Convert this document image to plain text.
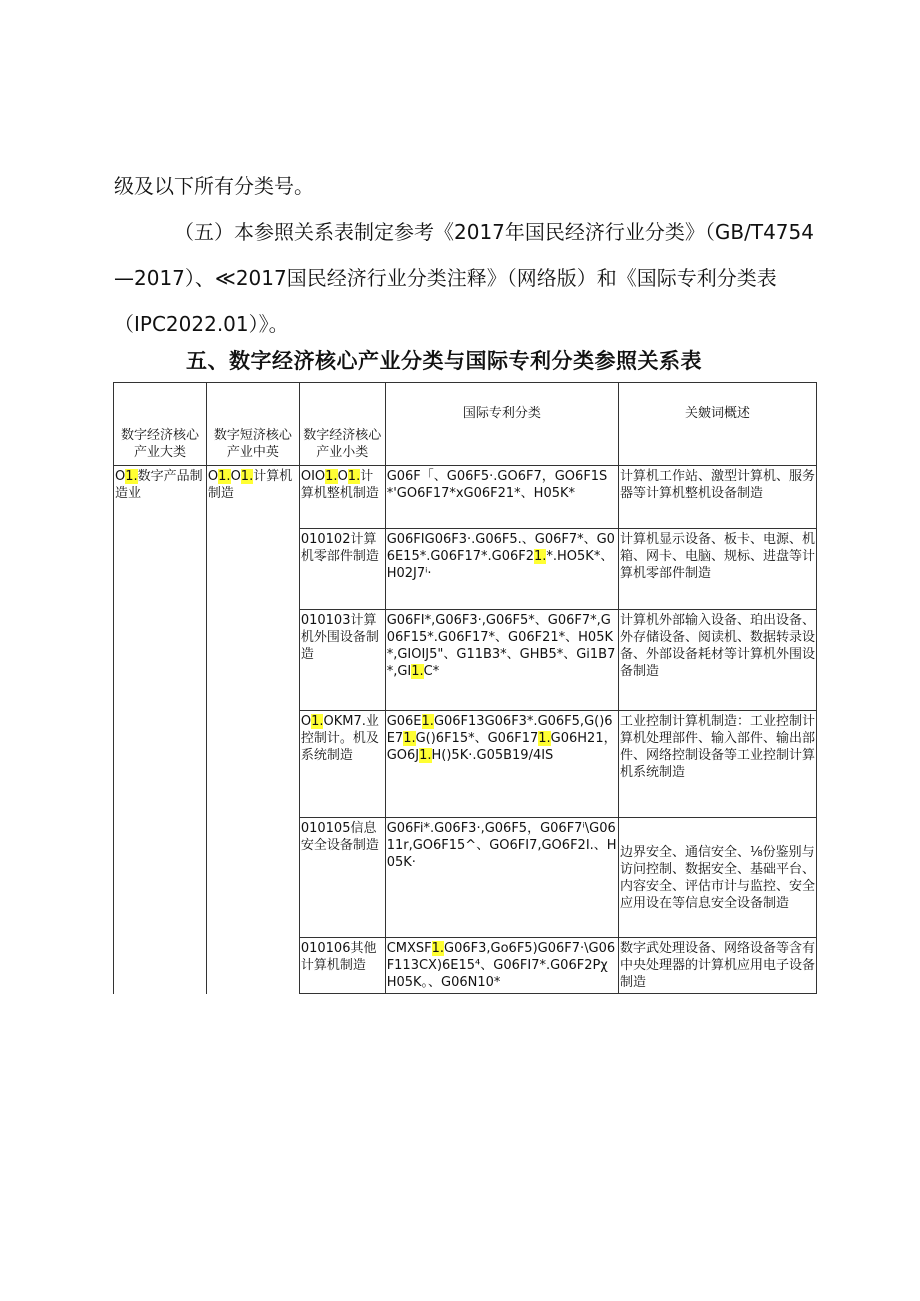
级及以下所有分类号。

（五）本参照关系表制定参考《2017年国民经济行业分类》（GB/T4754—2017）、≪2017国民经济行业分类注释》（网络版）和《国际专利分类表（IPC2022.01）》。

五、数字经济核心产业分类与国际专利分类参照关系表
数字经济核心产业大类	数字短济核心产业中英	数字经济核心产业小类	国际专利分类	关皴词概述
O1.数字产品制造业	O1.O1.计算机制造	OIO1.O1.计算机整机制造	G06F「、G06F5·.GO6F7，GO6F1S*'GO6F17*xG06F21*、H05K*	计算机工作站、激型计算机、服务器等计算机整机设备制造
		010102计算机零部件制造	G06FIG06F3·.G06F5.、G06F7*、G06E15*.G06F17*.G06F21.*.HO5K*、H02J7ⁱ·	计算机显示设备、板卡、电源、机箱、网卡、电脑、规标、进盘等计算机零部件制造
		010103计算机外围设备制造	G06FI*,G06F3·,G06F5*、G06F7*,G06F15*.G06F17*、G06F21*、H05K*,GIOIJ5"、G11B3*、GHB5*、Gi1B7*,GI1.C*	计算机外部输入设备、珀出设备、外存储设备、阅读机、数据转录设备、外部设备耗材等计算机外围设备制造
		O1.OKM7.业控制计。机及系统制造	G06E1.G06F13G06F3*.G06F5,G()6E71.G()6F15*、G06F171.G06H21，GO6J1.H()5K·.G05B19/4IS	工业控制计算机制造：工业控制计算机处理部件、输入部件、输出部件、网络控制设备等工业控制计算机系统制造
		010105信息安全设备制造	G06Fi*.G06F3·,G06F5，G06F7ⁱ\G0611r,GO6F15^、GO6FI7,GO6F2I.、H05K·	边界安全、通信安全、⅛份鉴别与访问控制、数据安全、基础平台、内容安全、评估市计与监控、安全应用设在等信息安全设备制造
		010106其他计算机制造	CMXSF1.G06F3,Go6F5)G06F7·\G06F113CX)6E15⁴、G06FI7*.G06F2PχH05K。、G06N10*	数字武处理设备、网络设备等含有中央处理器的计算机应用电子设备制造
